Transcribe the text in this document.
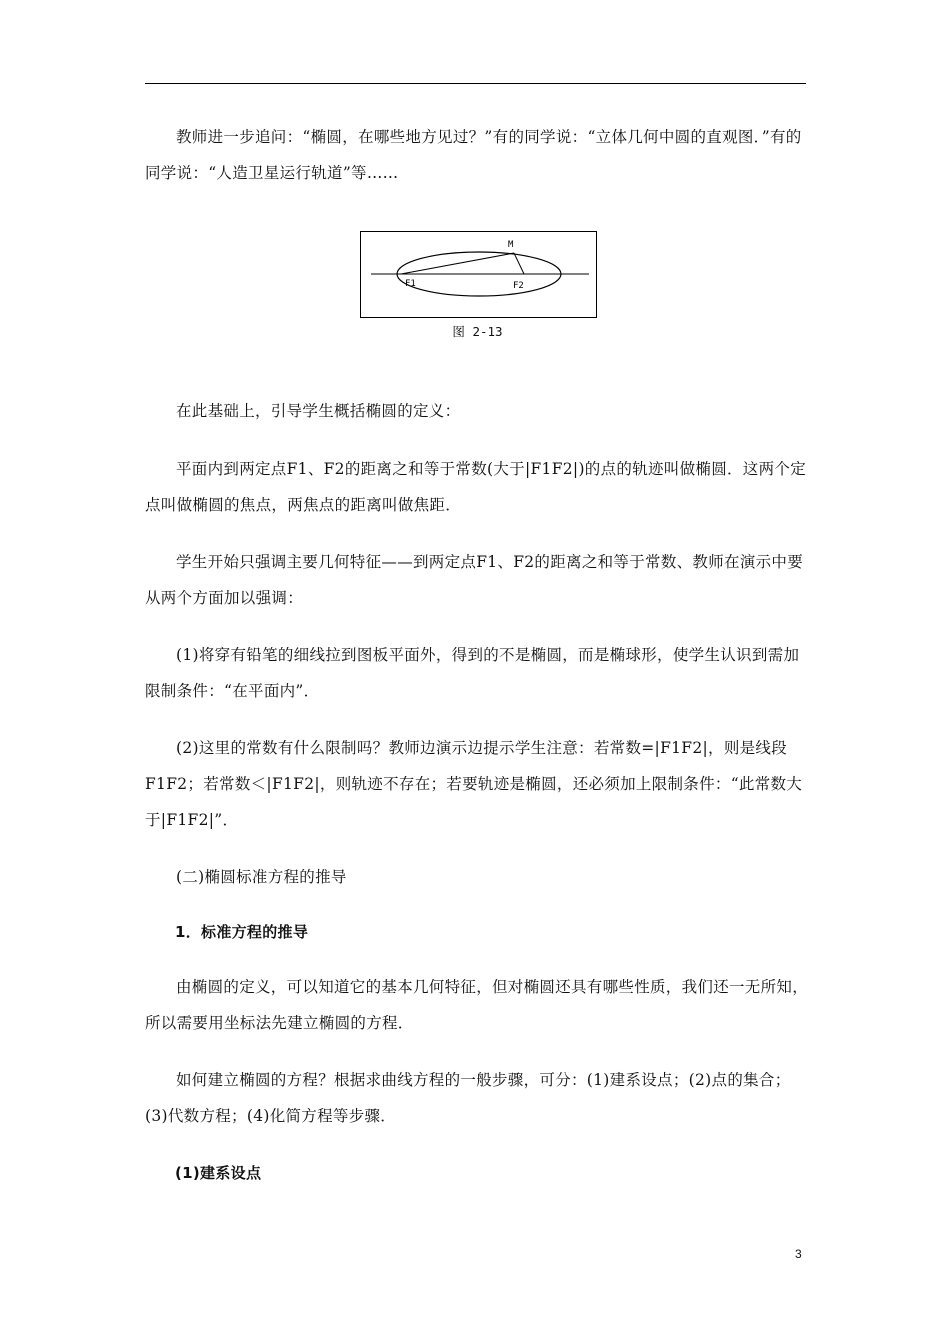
教师进一步追问：“椭圆，在哪些地方见过？”有的同学说：“立体几何中圆的直观图．”有的同学说：“人造卫星运行轨道”等……

M
F1	F2
图 2-13

在此基础上，引导学生概括椭圆的定义：

平面内到两定点F1、F2的距离之和等于常数(大于|F1F2|)的点的轨迹叫做椭圆．这两个定点叫做椭圆的焦点，两焦点的距离叫做焦距．

学生开始只强调主要几何特征——到两定点F1、F2的距离之和等于常数、教师在演示中要从两个方面加以强调：

(1)将穿有铅笔的细线拉到图板平面外，得到的不是椭圆，而是椭球形，使学生认识到需加限制条件：“在平面内”．

(2)这里的常数有什么限制吗？教师边演示边提示学生注意：若常数=|F1F2|，则是线段F1F2；若常数＜|F1F2|，则轨迹不存在；若要轨迹是椭圆，还必须加上限制条件：“此常数大于|F1F2|”．

(二)椭圆标准方程的推导

1．标准方程的推导

由椭圆的定义，可以知道它的基本几何特征，但对椭圆还具有哪些性质，我们还一无所知，所以需要用坐标法先建立椭圆的方程．

如何建立椭圆的方程？根据求曲线方程的一般步骤，可分：(1)建系设点；(2)点的集合；(3)代数方程；(4)化简方程等步骤．

(1)建系设点

3
